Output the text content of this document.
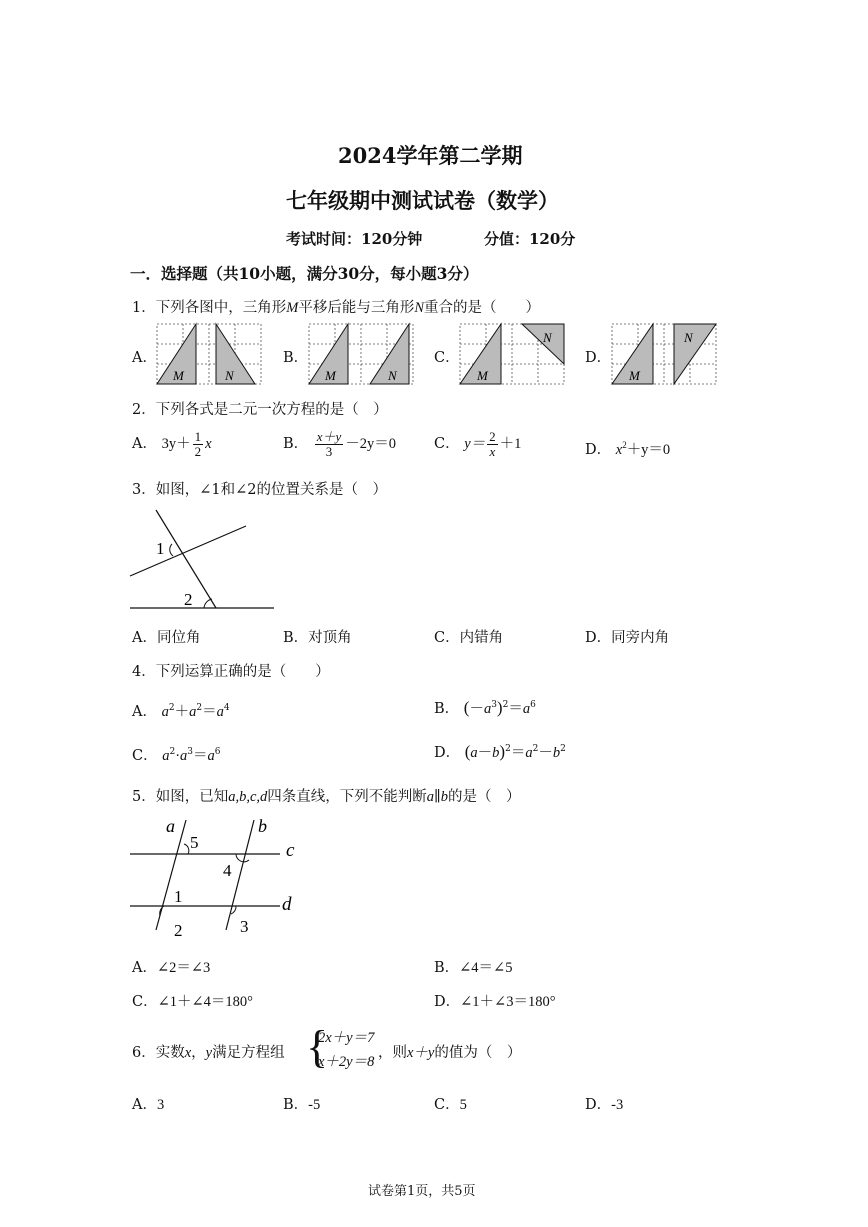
2024学年第二学期
七年级期中测试试卷（数学）
考试时间：120分钟	分值：120分
一．选择题（共10小题，满分30分，每小题3分）
1．下列各图中，三角形M平移后能与三角形N重合的是（　　）
A．	B．	C．	D．
M	N	M	N	M
N
M
N
2．下列各式是二元一次方程的是（　）
A． $3y+ \frac{1}{2}$ x	B． $\frac{x+y}{3} -2y=0$	C． $y= \frac{2}{x} +1$	D． $x^2+y=0$
3．如图，∠1和∠2的位置关系是（　）
1
2
A．同位角	B．对顶角	C．内错角	D．同旁内角
4．下列运算正确的是（　　）
A． $a^2+a^2=a^4$	B． $(-a^3)^2=a^6$
C． $a^2\cdot a^3=a^6$	D． $(a-b)^2=a^2-b^2$
5．如图，已知a,b,c,d四条直线，下列不能判断a∥b的是（　）
a
5
b
c
4
1	d
2	3
A．∠2＝∠3	B．∠4＝∠5
C．∠1＋∠4＝180°	D．∠1＋∠3＝180°
6．实数x，y满足方程组 {
2x＋y＝7
x＋2y＝8
，则x＋y的值为（　）
A．3	B．-5	C．5	D．-3
试卷第1页，共5页
